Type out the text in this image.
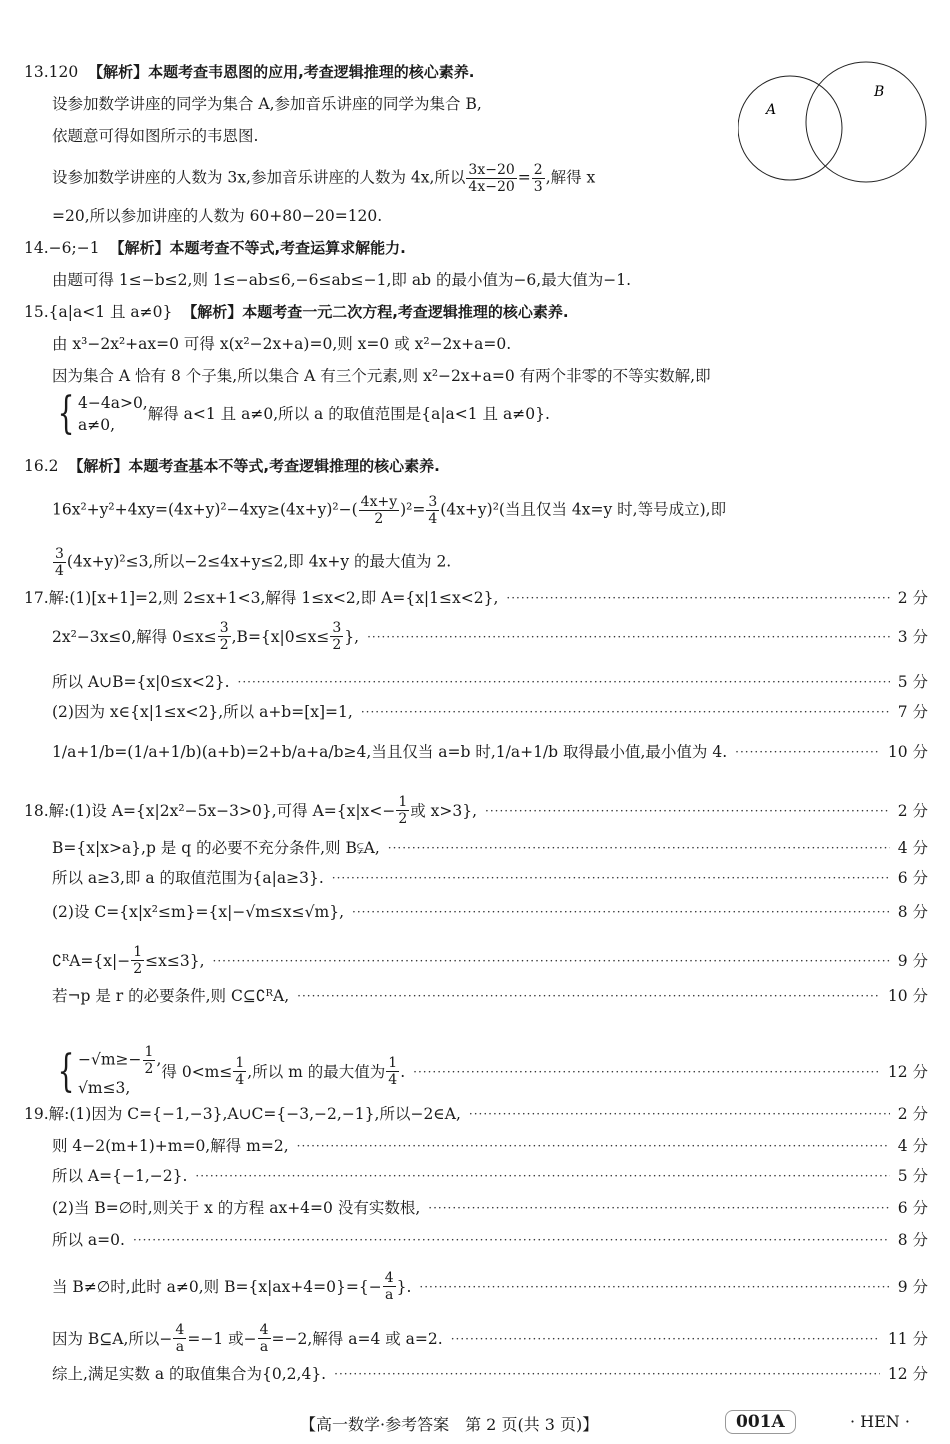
13.120 【解析】本题考查韦恩图的应用,考查逻辑推理的核心素养.
设参加数学讲座的同学为集合 A,参加音乐讲座的同学为集合 B,
依题意可得如图所示的韦恩图.
设参加数学讲座的人数为 3x,参加音乐讲座的人数为 4x,所以 $\frac{3x-20}{4x-20} = \frac{2}{3}$ ,解得 x
=20,所以参加讲座的人数为 60+80−20=120.
A
B
14.−6;−1 【解析】本题考查不等式,考查运算求解能力.
由题可得 1≤−b≤2,则 1≤−ab≤6,−6≤ab≤−1,即 ab 的最小值为−6,最大值为−1.
15.{a|a<1 且 a≠0} 【解析】本题考查一元二次方程,考查逻辑推理的核心素养.
由 x³−2x²+ax=0 可得 x(x²−2x+a)=0,则 x=0 或 x²−2x+a=0.
因为集合 A 恰有 8 个子集,所以集合 A 有三个元素,则 x²−2x+a=0 有两个非零的不等实数解,即
{ 4−4a>0,
a≠0,
解得 a<1 且 a≠0,所以 a 的取值范围是{a|a<1 且 a≠0}.
16.2 【解析】本题考查基本不等式,考查逻辑推理的核心素养.
$16x^2+y^2+4xy=(4x+y)^2-4xy\ge(4x+y)^2-( \frac{4x+y}{2} )^2= \frac{3}{4} (4x+y)^2$(当且仅当 4x=y 时,等号成立),即
$\frac{3}{4} (4x+y)^2\le 3$,所以−2≤4x+y≤2,即 4x+y 的最大值为 2.
17.解:(1)[x+1]=2,则 2≤x+1<3,解得 1≤x<2,即 A={x|1≤x<2}, ·····	2 分
2x²−3x≤0,解得 $0\le x\le \frac{3}{2} ,B=\{x|0\le x\le \frac{3}{2}$ }, ·····	3 分
所以 A∪B={x|0≤x<2}. ·····	5 分
(2)因为 x∈{x|1≤x<2},所以 a+b=[x]=1, ·····	7 分
1/a+1/b=(1/a+1/b)(a+b)=2+b/a+a/b≥4,当且仅当 a=b 时,1/a+1/b 取得最小值,最小值为 4. ·····	10 分
18.解:(1)设 A={x|2x²−5x−3>0},可得 $A=\{x|x<- \frac{1}{2}$ 或 x>3}, ·····	2 分
B={x|x>a},p 是 q 的必要不充分条件,则 B⫋A, ·····	4 分
所以 a≥3,即 a 的取值范围为{a|a≥3}. ·····	6 分
(2)设 C={x|x²≤m}={x|−√m≤x≤√m}, ·····	8 分
∁ᴿA={x|− $\frac{1}{2} \le x\le 3$}, ·····	9 分
若¬p 是 r 的必要条件,则 C⊆∁ᴿA, ·····	10 分
{ $-√m\ge- \frac{1}{2}$ ,
√m≤3,
得 $0<m\le \frac{1}{4}$ ,所以 m 的最大值为 $\frac{1}{4}$ . ·····	12 分
19.解:(1)因为 C={−1,−3},A∪C={−3,−2,−1},所以−2∈A, ·····	2 分
则 4−2(m+1)+m=0,解得 m=2, ·····	4 分
所以 A={−1,−2}. ·····	5 分
(2)当 B=∅时,则关于 x 的方程 ax+4=0 没有实数根, ·····	6 分
所以 a=0. ·····	8 分
当 B≠∅时,此时 a≠0,则 $B=\{x|ax+4=0\}=\{- \frac{4}{a}$ }. ·····	9 分
因为 B⊆A,所以− $\frac{4}{a} =-1$ 或− $\frac{4}{a} =-2$,解得 a=4 或 a=2. ·····	11 分
综上,满足实数 a 的取值集合为{0,2,4}. ·····	12 分
【高一数学·参考答案　第 2 页(共 3 页)】	001A	· HEN ·
